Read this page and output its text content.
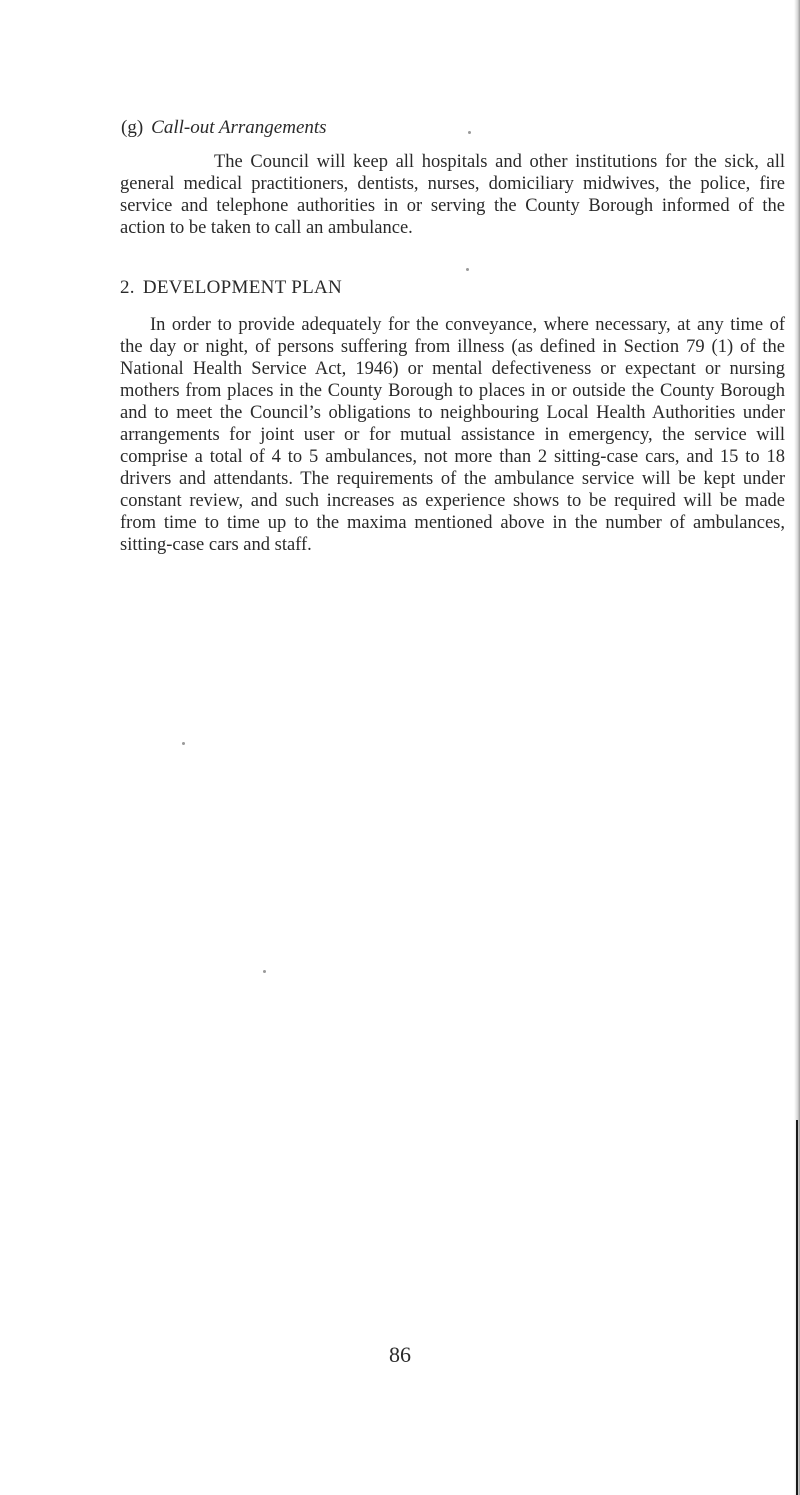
(g) Call-out Arrangements

The Council will keep all hospitals and other institutions for the sick, all general medical practitioners, dentists, nurses, domiciliary midwives, the police, fire service and telephone authorities in or serving the County Borough informed of the action to be taken to call an ambulance.

2. DEVELOPMENT PLAN

In order to provide adequately for the conveyance, where necessary, at any time of the day or night, of persons suffering from illness (as defined in Section 79 (1) of the National Health Service Act, 1946) or mental defectiveness or expectant or nursing mothers from places in the County Borough to places in or outside the County Borough and to meet the Council’s obligations to neighbouring Local Health Authorities under arrangements for joint user or for mutual assistance in emergency, the service will comprise a total of 4 to 5 ambulances, not more than 2 sitting-case cars, and 15 to 18 drivers and attendants. The requirements of the ambulance service will be kept under constant review, and such increases as experience shows to be required will be made from time to time up to the maxima mentioned above in the number of ambulances, sitting-case cars and staff.

86
